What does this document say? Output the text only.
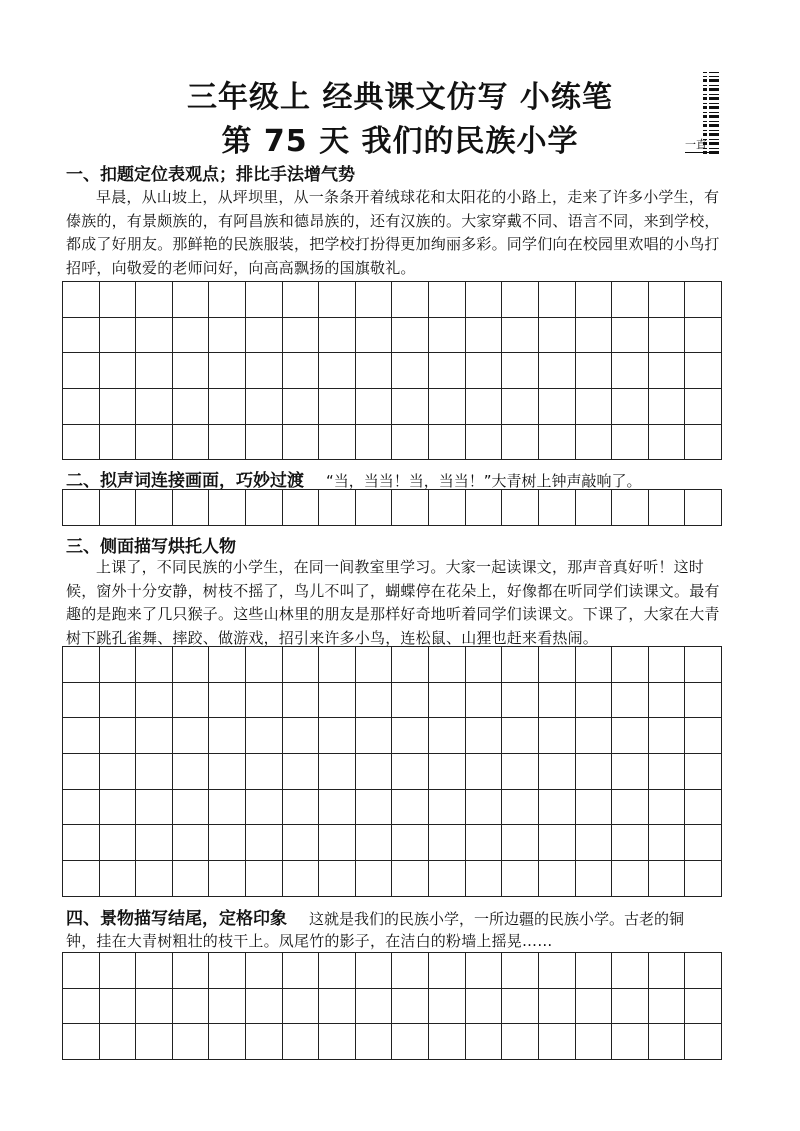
三年级上 经典课文仿写 小练笔
第 75 天 我们的民族小学	一直
一、扣题定位表观点；排比手法增气势

早晨，从山坡上，从坪坝里，从一条条开着绒球花和太阳花的小路上，走来了许多小学生，有傣族的，有景颇族的，有阿昌族和德昂族的，还有汉族的。大家穿戴不同、语言不同，来到学校，都成了好朋友。那鲜艳的民族服装，把学校打扮得更加绚丽多彩。同学们向在校园里欢唱的小鸟打招呼，向敬爱的老师问好，向高高飘扬的国旗敬礼。

二、拟声词连接画面，巧妙过渡 “当，当当！当，当当！”大青树上钟声敲响了。
三、侧面描写烘托人物

上课了，不同民族的小学生，在同一间教室里学习。大家一起读课文，那声音真好听！这时候，窗外十分安静，树枝不摇了，鸟儿不叫了，蝴蝶停在花朵上，好像都在听同学们读课文。最有趣的是跑来了几只猴子。这些山林里的朋友是那样好奇地听着同学们读课文。下课了，大家在大青树下跳孔雀舞、摔跤、做游戏，招引来许多小鸟，连松鼠、山狸也赶来看热闹。

四、景物描写结尾，定格印象 这就是我们的民族小学，一所边疆的民族小学。古老的铜

钟，挂在大青树粗壮的枝干上。凤尾竹的影子，在洁白的粉墙上摇晃……
